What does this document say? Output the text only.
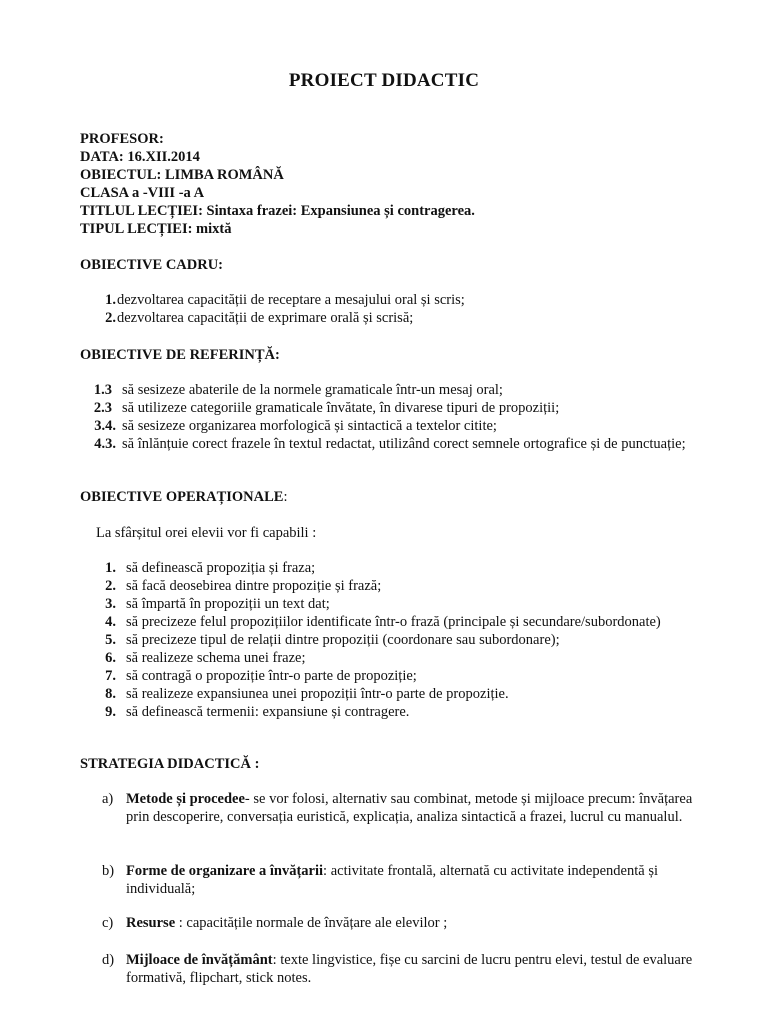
PROIECT DIDACTIC
PROFESOR:
DATA: 16.XII.2014
OBIECTUL: LIMBA ROMÂNĂ
CLASA a -VIII -a A
TITLUL LECȚIEI: Sintaxa frazei: Expansiunea și contragerea.
TIPUL LECȚIEI: mixtă
OBIECTIVE CADRU:
1. dezvoltarea capacității de receptare a mesajului oral și scris;
2. dezvoltarea capacității de exprimare orală și scrisă;
OBIECTIVE DE REFERINȚĂ:
1.3 să sesizeze abaterile de la normele gramaticale într-un mesaj oral;
2.3 să utilizeze categoriile gramaticale învătate, în divarese tipuri de propoziții;
3.4. să sesizeze organizarea morfologică și sintactică a textelor citite;
4.3. să înlănțuie corect frazele în textul redactat, utilizând corect semnele ortografice și de punctuație;
OBIECTIVE OPERAȚIONALE:
La sfârșitul orei elevii vor fi capabili :
1. să definească propoziția și fraza;
2. să facă deosebirea dintre propoziție și frază;
3. să împartă în propoziții un text dat;
4. să precizeze felul propozițiilor identificate într-o frază (principale și secundare/subordonate)
5. să precizeze tipul de relații dintre propoziții (coordonare sau subordonare);
6. să realizeze schema unei fraze;
7. să contragă o propoziție într-o parte de propoziție;
8. să realizeze expansiunea unei propoziții într-o parte de propoziție.
9. să definească termenii: expansiune și contragere.
STRATEGIA DIDACTICĂ :
a) Metode și procedee- se vor folosi, alternativ sau combinat, metode și mijloace precum: învățarea prin descoperire, conversația euristică, explicația, analiza sintactică a frazei, lucrul cu manualul.
b) Forme de organizare a învățarii: activitate frontală, alternată cu activitate independentă și individuală;
c) Resurse : capacitățile normale de învățare ale elevilor ;
d) Mijloace de învățământ: texte lingvistice, fișe cu sarcini de lucru pentru elevi, testul de evaluare formativă, flipchart, stick notes.
